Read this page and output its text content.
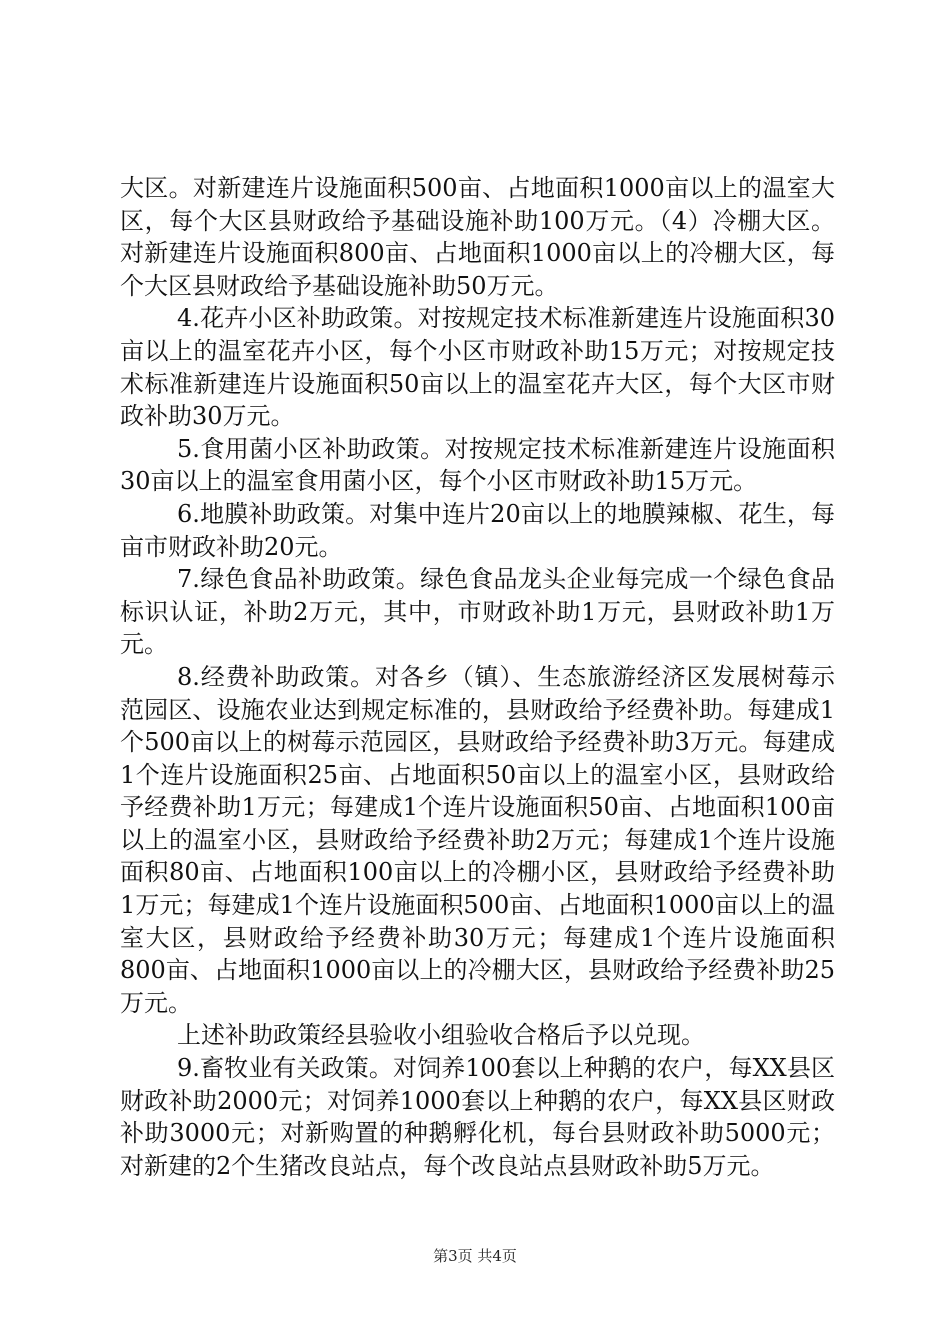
大区。对新建连片设施面积500亩、占地面积1000亩以上的温室大区，每个大区县财政给予基础设施补助100万元。（4）冷棚大区。对新建连片设施面积800亩、占地面积1000亩以上的冷棚大区，每个大区县财政给予基础设施补助50万元。

4.花卉小区补助政策。对按规定技术标准新建连片设施面积30亩以上的温室花卉小区，每个小区市财政补助15万元；对按规定技术标准新建连片设施面积50亩以上的温室花卉大区，每个大区市财政补助30万元。

5.食用菌小区补助政策。对按规定技术标准新建连片设施面积30亩以上的温室食用菌小区，每个小区市财政补助15万元。

6.地膜补助政策。对集中连片20亩以上的地膜辣椒、花生，每亩市财政补助20元。

7.绿色食品补助政策。绿色食品龙头企业每完成一个绿色食品标识认证，补助2万元，其中，市财政补助1万元，县财政补助1万元。

8.经费补助政策。对各乡（镇）、生态旅游经济区发展树莓示范园区、设施农业达到规定标准的，县财政给予经费补助。每建成1个500亩以上的树莓示范园区，县财政给予经费补助3万元。每建成1个连片设施面积25亩、占地面积50亩以上的温室小区，县财政给予经费补助1万元；每建成1个连片设施面积50亩、占地面积100亩以上的温室小区，县财政给予经费补助2万元；每建成1个连片设施面积80亩、占地面积100亩以上的冷棚小区，县财政给予经费补助1万元；每建成1个连片设施面积500亩、占地面积1000亩以上的温室大区，县财政给予经费补助30万元；每建成1个连片设施面积800亩、占地面积1000亩以上的冷棚大区，县财政给予经费补助25万元。

上述补助政策经县验收小组验收合格后予以兑现。

9.畜牧业有关政策。对饲养100套以上种鹅的农户，每XX县区财政补助2000元；对饲养1000套以上种鹅的农户，每XX县区财政补助3000元；对新购置的种鹅孵化机，每台县财政补助5000元；对新建的2个生猪改良站点，每个改良站点县财政补助5万元。

第3页 共4页
